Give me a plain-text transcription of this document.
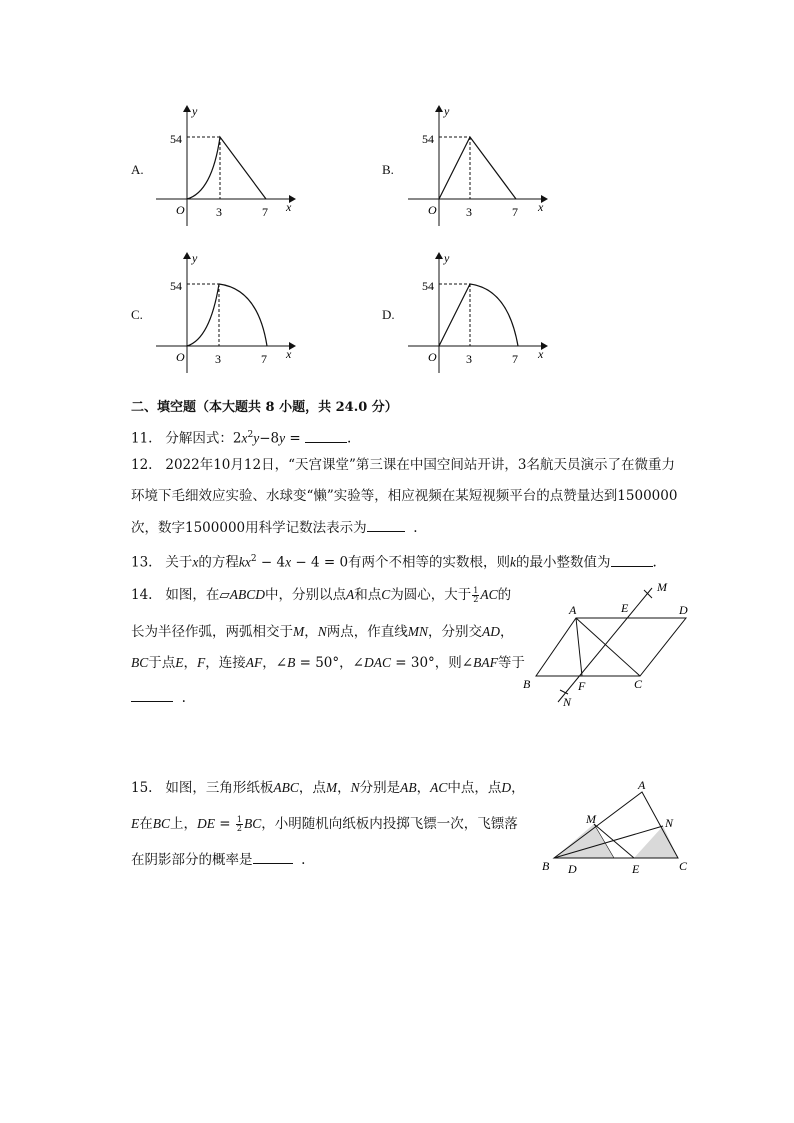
A.
54
O	3	7 x
y
B.
54
O 3	7 x
y
C.
54
O	3	7 x
y
D.
54
O 3	7 x
y
二、填空题（本大题共 8 小题，共 24.0 分）
11. 分解因式：$2x^2y-8y$ =	.
12. 2022年10月12日，“天宫课堂”第三课在中国空间站开讲，3名航天员演示了在微重力
环境下毛细效应实验、水球变“懒”实验等，相应视频在某短视频平台的点赞量达到1500000
次，数字1500000用科学记数法表示为	.
13. 关于x的方程$kx^2 - 4x - 4 = 0$有两个不相等的实数根，则k的最小整数值为	.
14. 如图，在▱ABCD中，分别以点A和点C为圆心，大于 $\frac{1}{2}$ AC的
长为半径作弧，两弧相交于M，N两点，作直线MN，分别交AD，
BC于点E，F，连接AF，∠B = 50°，∠DAC = 30°，则∠BAF等于
.
A	E	D
M
B	F	C
N
15. 如图，三角形纸板ABC，点M，N分别是AB，AC中点，点D，
E在BC上，DE = $\frac{1}{2}$ BC，小明随机向纸板内投掷飞镖一次，飞镖落
在阴影部分的概率是	.
A
M	N
B D	E	C
